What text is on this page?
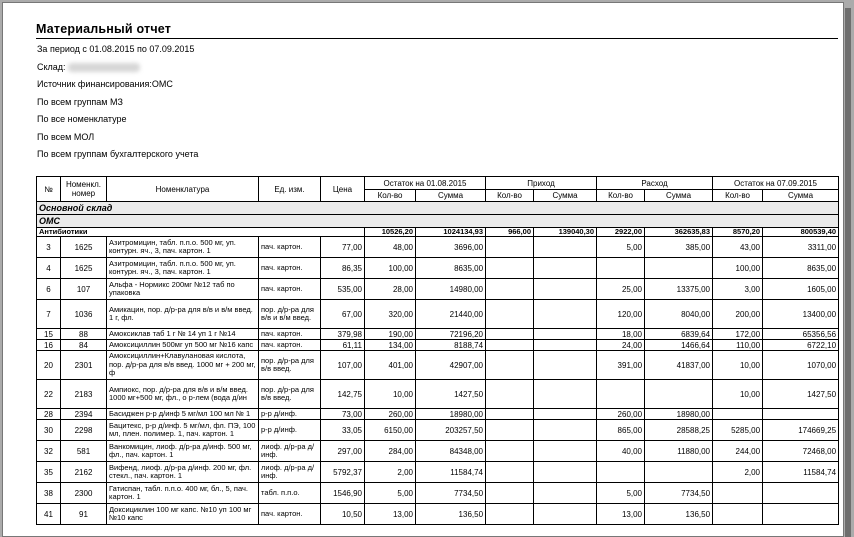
Материальный отчет
За период с 01.08.2015 по 07.09.2015
Склад:
Источник финансирования:ОМС
По всем группам МЗ
По все номенклатуре
По всем МОЛ
По всем группам бухгалтерского учета
№	Номенкл. номер	Номенклатура	Ед. изм.	Цена	Остаток на 01.08.2015		Приход		Расход		Остаток на 07.09.2015	
					Кол-во	Сумма	Кол-во	Сумма	Кол-во	Сумма	Кол-во	Сумма
Основной склад												
ОМС												
Антибиотики					10526,20	1024134,93	966,00	139040,30	2922,00	362635,83	8570,20	800539,40
3	1625	Азитромицин, табл. п.п.о. 500 мг, уп. контурн. яч., 3, пач. картон. 1	пач. картон.	77,00	48,00	3696,00			5,00	385,00	43,00	3311,00
4	1625	Азитромицин, табл. п.п.о. 500 мг, уп. контурн. яч., 3, пач. картон. 1	пач. картон.	86,35	100,00	8635,00					100,00	8635,00
6	107	Альфа - Нормикс 200мг №12 таб по упаковка	пач. картон.	535,00	28,00	14980,00			25,00	13375,00	3,00	1605,00
7	1036	Амикацин, пор. д/р-ра для в/в и в/м введ. 1 г, фл.	пор. д/р-ра для в/в и в/м введ.	67,00	320,00	21440,00			120,00	8040,00	200,00	13400,00
15	88	Амоксиклав таб 1 г № 14 уп 1 г №14	пач. картон.	379,98	190,00	72196,20			18,00	6839,64	172,00	65356,56
16	84	Амоксициллин 500мг уп 500 мг №16 капс	пач. картон.	61,11	134,00	8188,74			24,00	1466,64	110,00	6722,10
20	2301	Амоксициллин+Клавулановая кислота, пор. д/р-ра для в/в введ. 1000 мг + 200 мг, ф	пор. д/р-ра для в/в введ.	107,00	401,00	42907,00			391,00	41837,00	10,00	1070,00
22	2183	Ампиокс, пор. д/р-ра для в/в и в/м введ. 1000 мг+500 мг, фл., о р-лем (вода д/ин	пор. д/р-ра для в/в введ.	142,75	10,00	1427,50					10,00	1427,50
28	2394	Басиджен р-р д/инф 5 мг/мл 100 мл № 1	р-р д/инф.	73,00	260,00	18980,00			260,00	18980,00		
30	2298	Бацитекс, р-р д/инф. 5 мг/мл, фл. ПЭ, 100 мл, плен. полимер. 1, пач. картон. 1	р-р д/инф.	33,05	6150,00	203257,50			865,00	28588,25	5285,00	174669,25
32	581	Ванкомицин, лиоф. д/р-ра д/инф. 500 мг, фл., пач. картон. 1	лиоф. д/р-ра д/инф.	297,00	284,00	84348,00			40,00	11880,00	244,00	72468,00
35	2162	Вифенд, лиоф. д/р-ра д/инф. 200 мг, фл. стекл., пач. картон. 1	лиоф. д/р-ра д/инф.	5792,37	2,00	11584,74					2,00	11584,74
38	2300	Гатиспан, табл. п.п.о. 400 мг, бл., 5, пач. картон. 1	табл. п.п.о.	1546,90	5,00	7734,50			5,00	7734,50		
41	91	Доксициклин 100 мг капс. №10 уп 100 мг №10 капс	пач. картон.	10,50	13,00	136,50			13,00	136,50		
